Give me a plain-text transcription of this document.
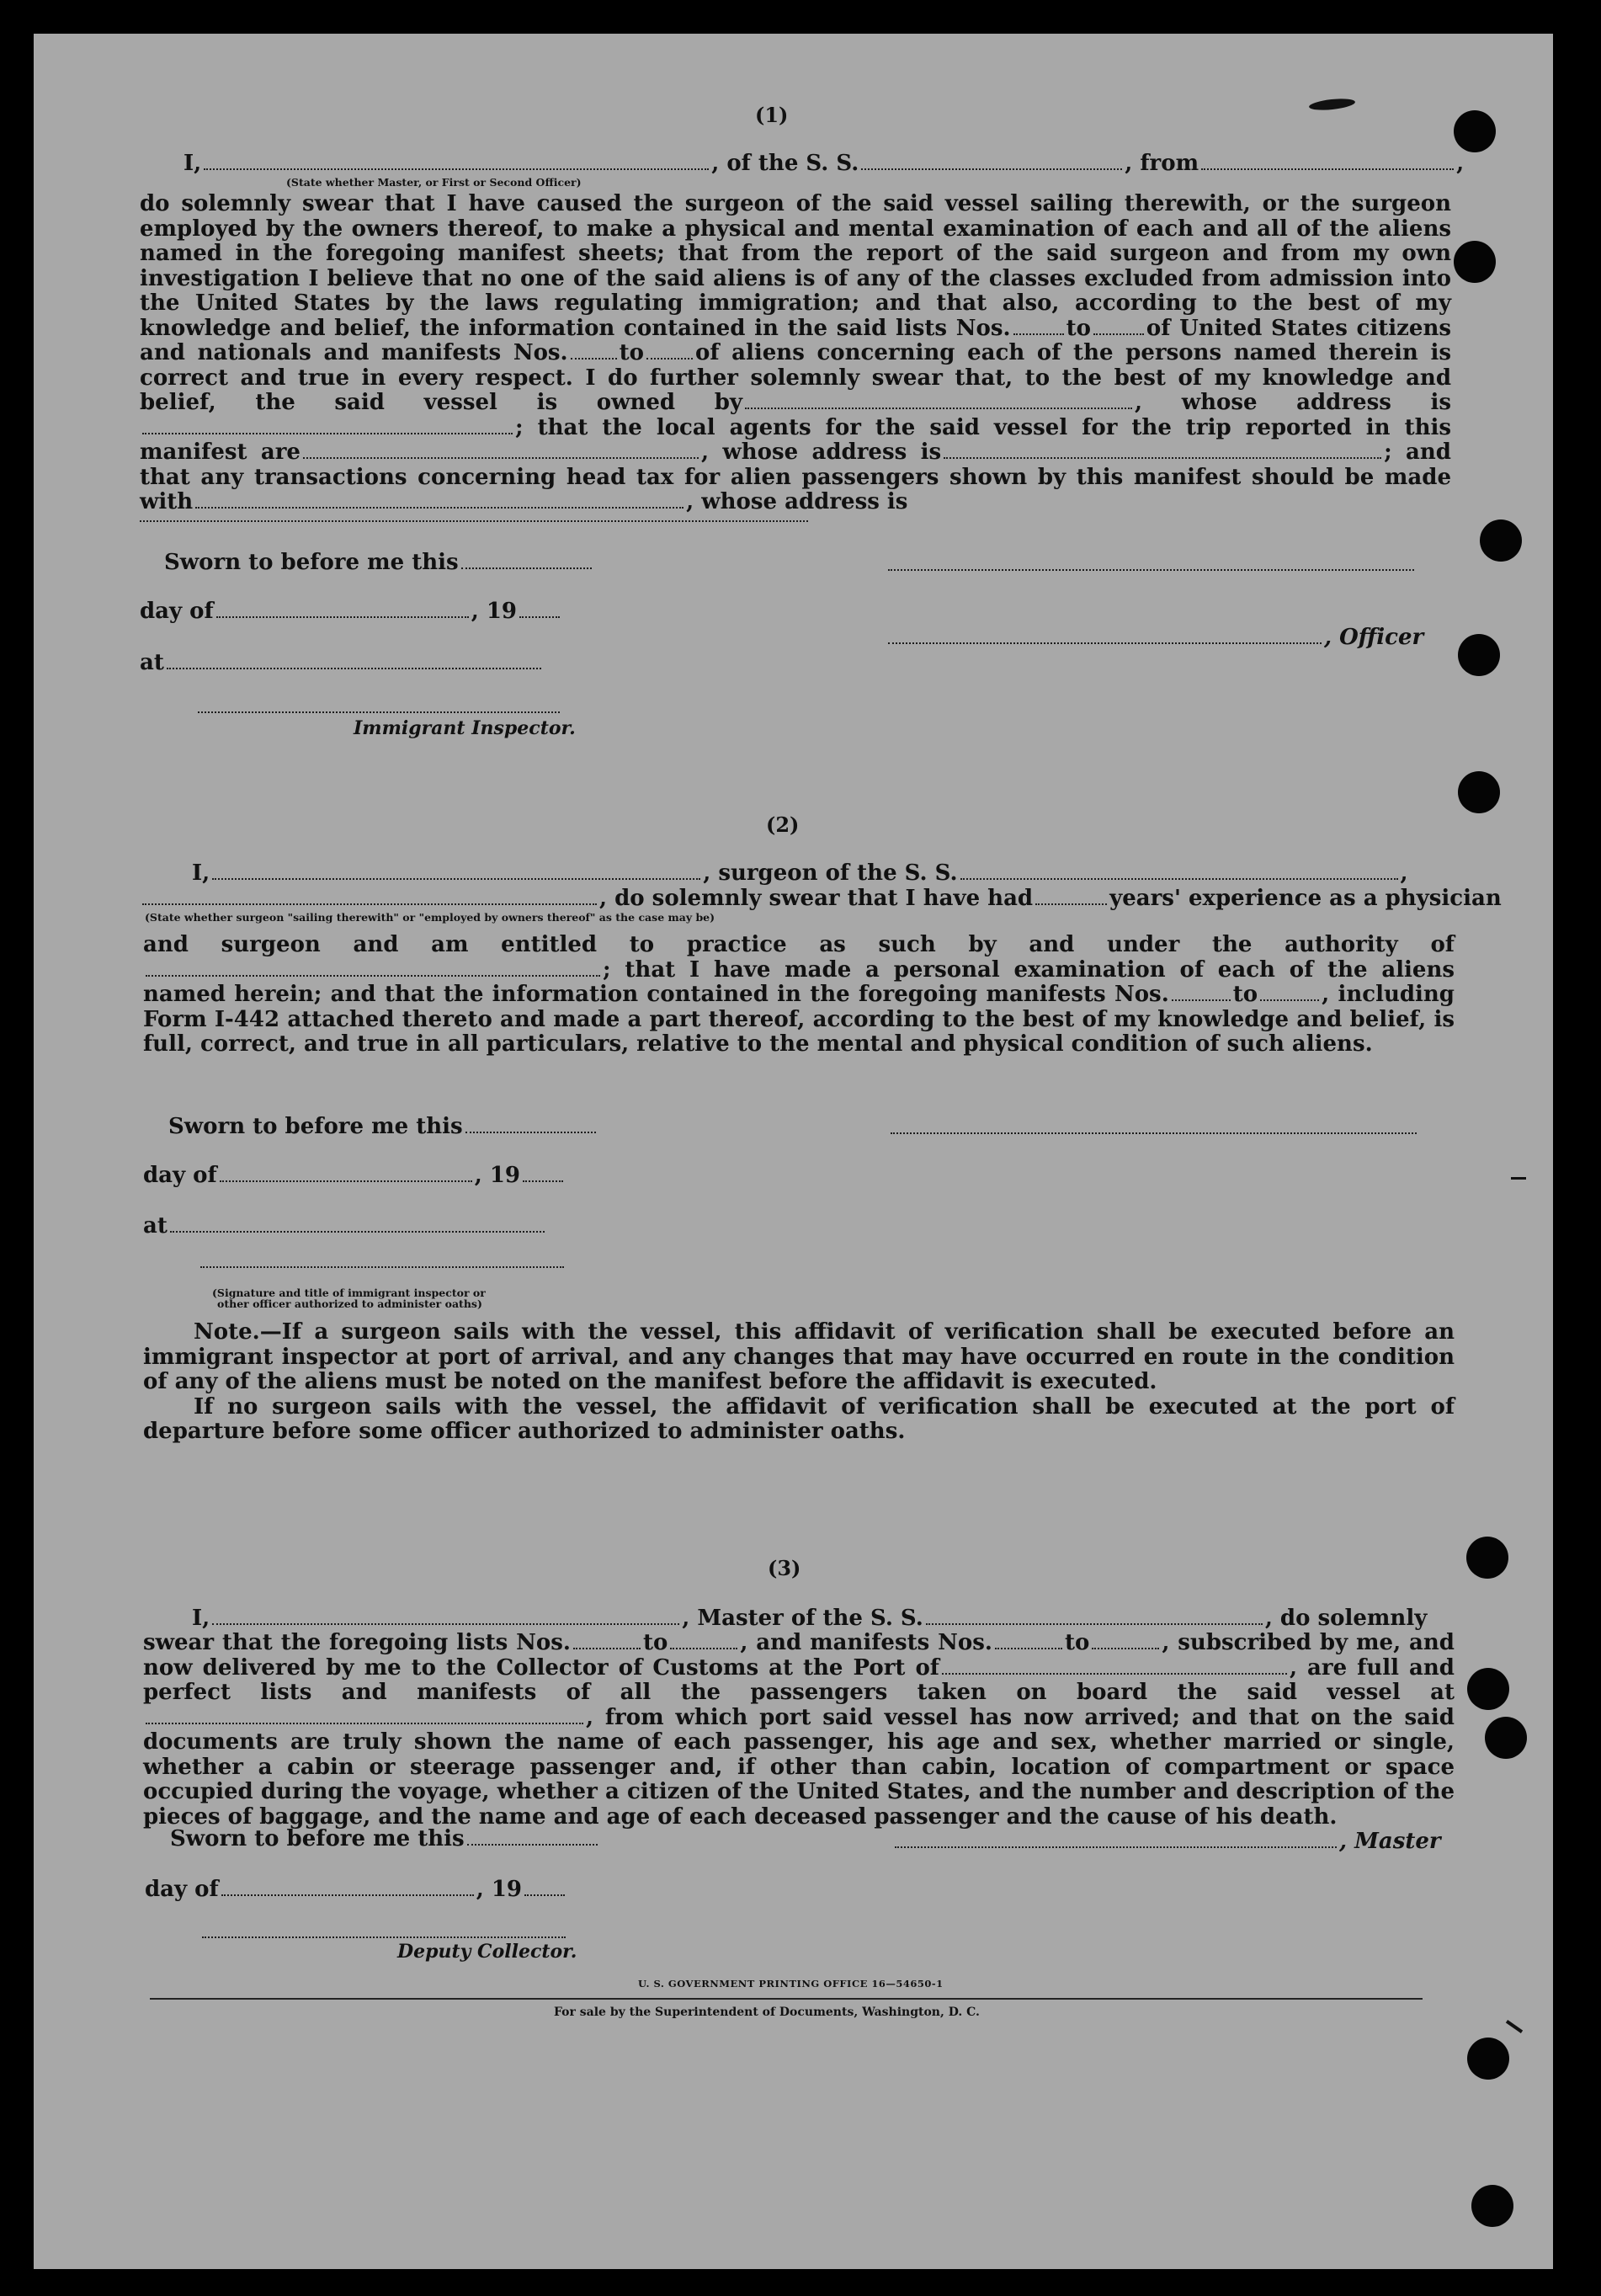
(1)
I,	, of the S. S.	, from	,
(State whether Master, or First or Second Officer)

do solemnly swear that I have caused the surgeon of the said vessel sailing therewith, or the surgeon employed by the owners thereof, to make a physical and mental examination of each and all of the aliens named in the foregoing manifest sheets; that from the report of the said surgeon and from my own investigation I believe that no one of the said aliens is of any of the classes excluded from admission into the United States by the laws regulating immigration; and that also, according to the best of my knowledge and belief, the information contained in the said lists Nos.	to	of United States citizens and nationals and manifests Nos. to of aliens concerning each of the persons named therein is correct and true in every respect. I do further solemnly swear that, to the best of my knowledge and belief, the said vessel is owned by	, whose address is; that the local agents for the said vessel for the trip reported in this manifest are	, whose address is	; and that any transactions concerning head tax for alien passengers shown by this manifest should be made with	, whose address is

Sworn to before me this
day of	, 19
, Officer
at
Immigrant Inspector.
(2)
I,	, surgeon of the S. S.	,
, do solemnly swear that I have had	years' experience as a physician
(State whether surgeon "sailing therewith" or "employed by owners thereof" as the case may be)

and surgeon and am entitled to practice as such by and under the authority of; that I have made a personal examination of each of the aliens named herein; and that the information contained in the foregoing manifests Nos.	to	, including Form I-442 attached thereto and made a part thereof, according to the best of my knowledge and belief, is full, correct, and true in all particulars, relative to the mental and physical condition of such aliens.

Sworn to before me this
day of	, 19
at
(Signature and title of immigrant inspector or
other officer authorized to administer oaths)

Note.—If a surgeon sails with the vessel, this affidavit of verification shall be executed before an immigrant inspector at port of arrival, and any changes that may have occurred en route in the condition of any of the aliens must be noted on the manifest before the affidavit is executed.

If no surgeon sails with the vessel, the affidavit of verification shall be executed at the port of departure before some officer authorized to administer oaths.

(3)
I,	, Master of the S. S.	, do solemnly

swear that the foregoing lists Nos.	to	, and manifests Nos.	to	, subscribed by me, and now delivered by me to the Collector of Customs at the Port of	, are full and perfect lists and manifests of all the passengers taken on board the said vessel at, from which port said vessel has now arrived; and that on the said documents are truly shown the name of each passenger, his age and sex, whether married or single, whether a cabin or steerage passenger and, if other than cabin, location of compartment or space occupied during the voyage, whether a citizen of the United States, and the number and description of the pieces of baggage, and the name and age of each deceased passenger and the cause of his death.

Sworn to before me this	, Master
day of	, 19
Deputy Collector.
U. S. GOVERNMENT PRINTING OFFICE 16—54650-1
For sale by the Superintendent of Documents, Washington, D. C.
